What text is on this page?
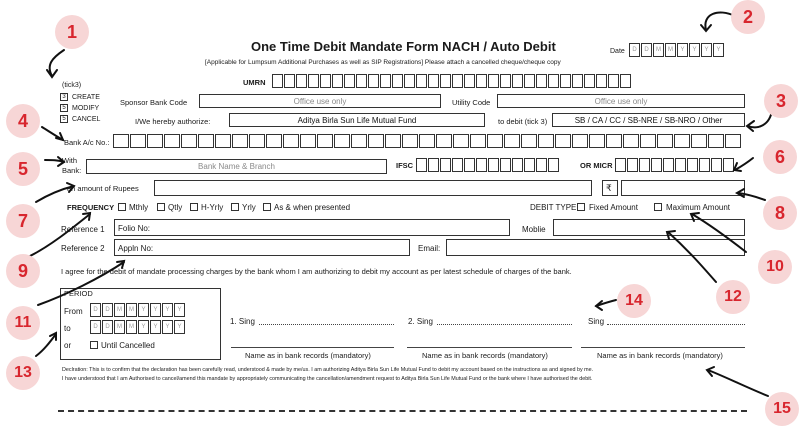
One Time Debit Mandate Form NACH / Auto Debit
[Applicable for Lumpsum Additional Purchases as well as SIP Registrations] Please attach a cancelled cheque/cheque copy
Date	D	D	M	M	Y	Y	Y	Y
UMRN
(tick3)
3 CREATE
5 MODIFY
5 CANCEL
Sponsor Bank Code	Office use only	Utility Code	Office use only
I/We hereby authorize:	Aditya Birla Sun Life Mutual Fund	to debit (tick 3)	SB / CA / CC / SB-NRE / SB-NRO / Other
Bank A/c No.:
With
Bank:	Bank Name & Branch	IFSC	OR MICR
an amount of Rupees	₹
FREQUENCY Mthly Qtly H-Yrly Yrly As & when presented	DEBIT TYPE Fixed Amount	Maximum Amount
Reference 1 Folio No:	Moblie
Reference 2 Appln No:	Email:
I agree for the debit of mandate processing charges by the bank whom I am authorizing to debit my account as per latest schedule of charges of the bank.
PERIOD
From	D	D	M	M	Y	Y	Y	Y
to	D	D	M	M	Y	Y	Y	Y
or	Until Cancelled
1. Sing	2. Sing	Sing
Name as in bank records (mandatory)	Name as in bank records (mandatory)	Name as in bank records (mandatory)
Declration: This is to confirm that the declaration has been carefully read, understood & made by me/us. I am authorizing Aditya Birla Sun Life Mutual Fund to debit my account based on the instructions as and signed by me.
I have understood that I am Authorised to cancel/amend this mandate by appropriately communicating the cancellation/amendment request to Aditya Birla Sun Life Mutual Fund or the bank where I have authorised the debit.
1
2
3
4
5
6
7	8
9	10
11
12
13
14
15
